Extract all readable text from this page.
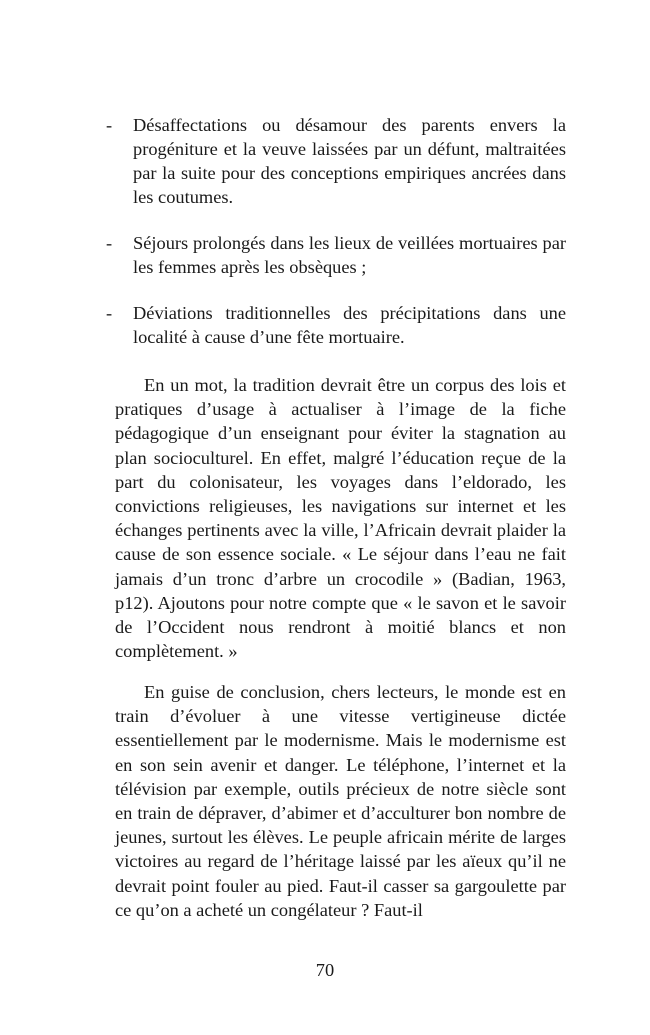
- Désaffectations ou désamour des parents envers la progéniture et la veuve laissées par un défunt, maltraitées par la suite pour des conceptions empiriques ancrées dans les coutumes.
- Séjours prolongés dans les lieux de veillées mortuaires par les femmes après les obsèques ;
- Déviations traditionnelles des précipitations dans une localité à cause d’une fête mortuaire.

En un mot, la tradition devrait être un corpus des lois et pratiques d’usage à actualiser à l’image de la fiche pédagogique d’un enseignant pour éviter la stagnation au plan socioculturel. En effet, malgré l’éducation reçue de la part du colonisateur, les voyages dans l’eldorado, les convictions religieuses, les navigations sur internet et les échanges pertinents avec la ville, l’Africain devrait plaider la cause de son essence sociale. « Le séjour dans l’eau ne fait jamais d’un tronc d’arbre un crocodile » (Badian, 1963, p12). Ajoutons pour notre compte que « le savon et le savoir de l’Occident nous rendront à moitié blancs et non complètement. »

En guise de conclusion, chers lecteurs, le monde est en train d’évoluer à une vitesse vertigineuse dictée essentiellement par le modernisme. Mais le modernisme est en son sein avenir et danger. Le téléphone, l’internet et la télévision par exemple, outils précieux de notre siècle sont en train de dépraver, d’abimer et d’acculturer bon nombre de jeunes, surtout les élèves. Le peuple africain mérite de larges victoires au regard de l’héritage laissé par les aïeux qu’il ne devrait point fouler au pied. Faut-il casser sa gargoulette par ce qu’on a acheté un congélateur ? Faut-il

70
